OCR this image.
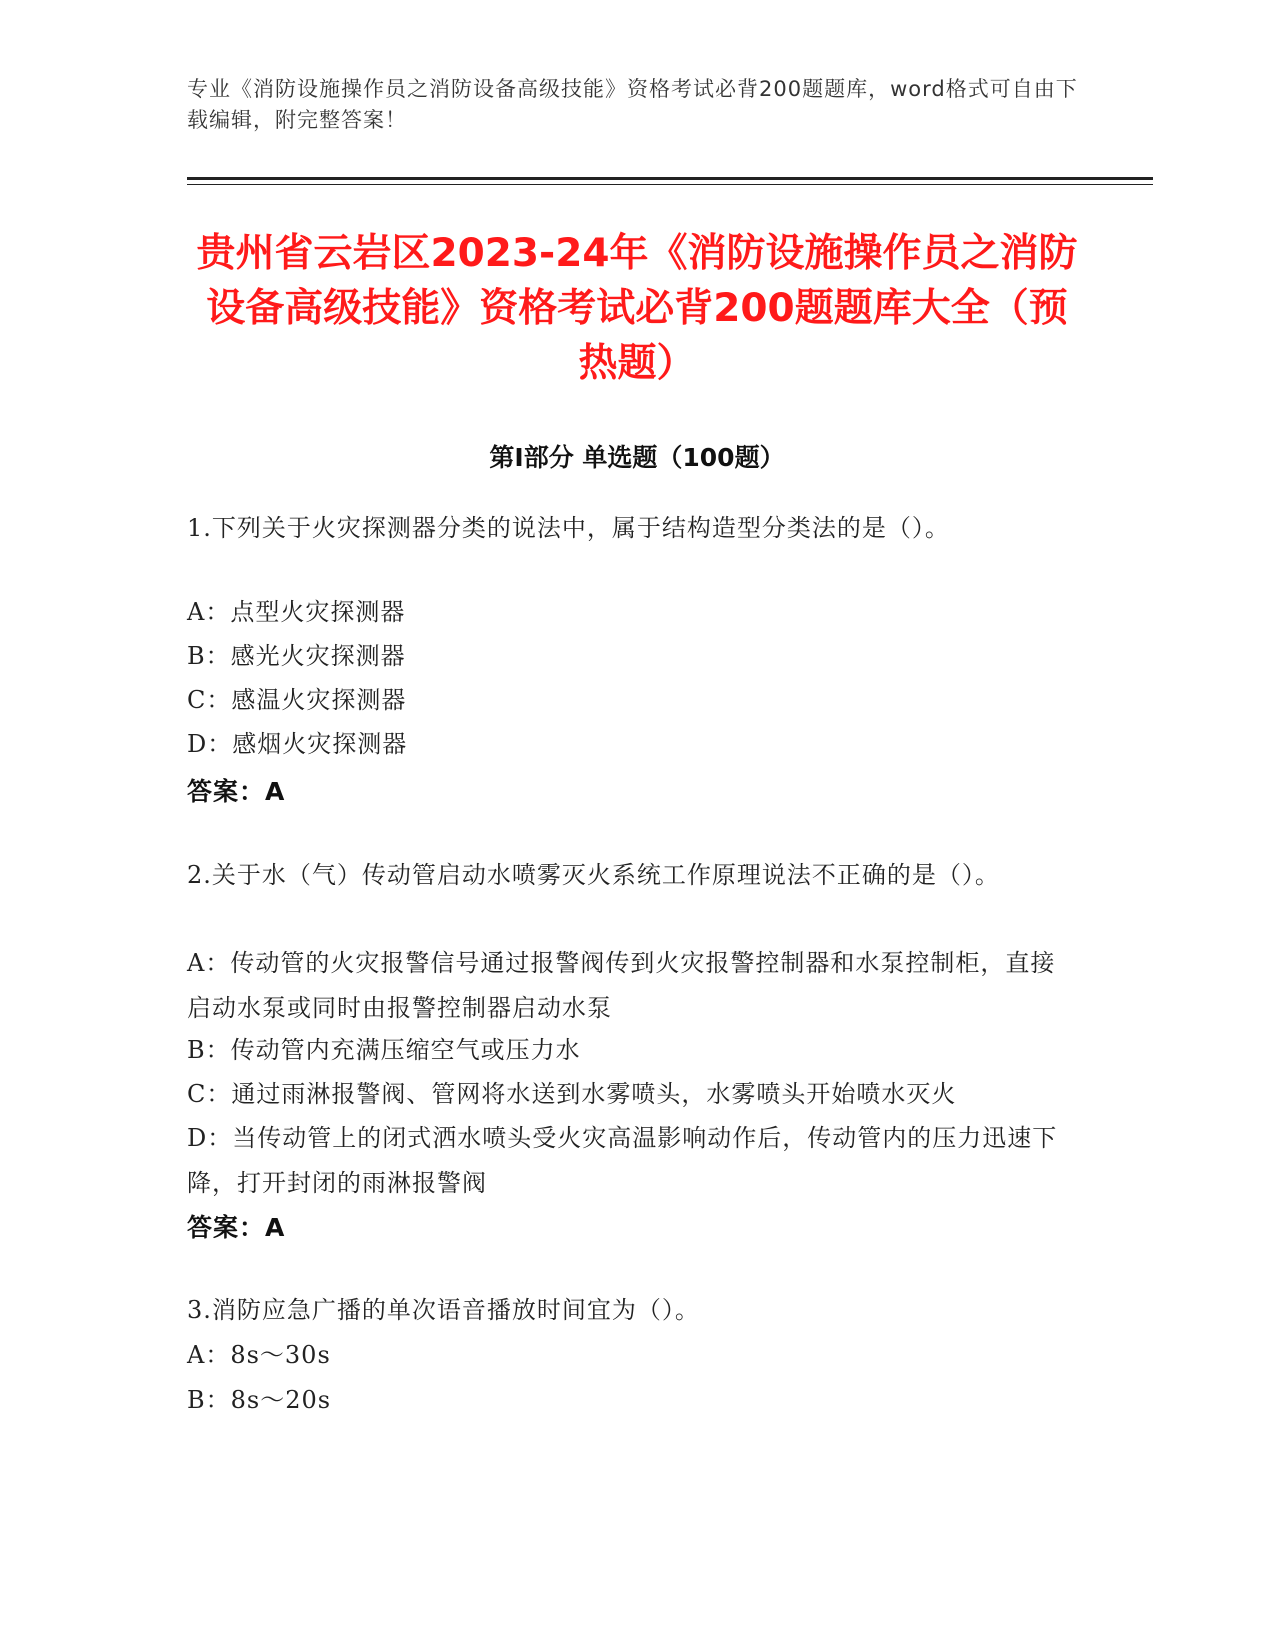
专业《消防设施操作员之消防设备高级技能》资格考试必背200题题库，word格式可自由下载编辑，附完整答案！
贵州省云岩区2023-24年《消防设施操作员之消防设备高级技能》资格考试必背200题题库大全（预热题）
第Ⅰ部分 单选题（100题）
1.下列关于火灾探测器分类的说法中，属于结构造型分类法的是（）。
A：点型火灾探测器
B：感光火灾探测器
C：感温火灾探测器
D：感烟火灾探测器
答案：A
2.关于水（气）传动管启动水喷雾灭火系统工作原理说法不正确的是（）。
A：传动管的火灾报警信号通过报警阀传到火灾报警控制器和水泵控制柜，直接启动水泵或同时由报警控制器启动水泵
B：传动管内充满压缩空气或压力水
C：通过雨淋报警阀、管网将水送到水雾喷头，水雾喷头开始喷水灭火
D：当传动管上的闭式洒水喷头受火灾高温影响动作后，传动管内的压力迅速下降，打开封闭的雨淋报警阀
答案：A
3.消防应急广播的单次语音播放时间宜为（）。
A：8s～30s
B：8s～20s
